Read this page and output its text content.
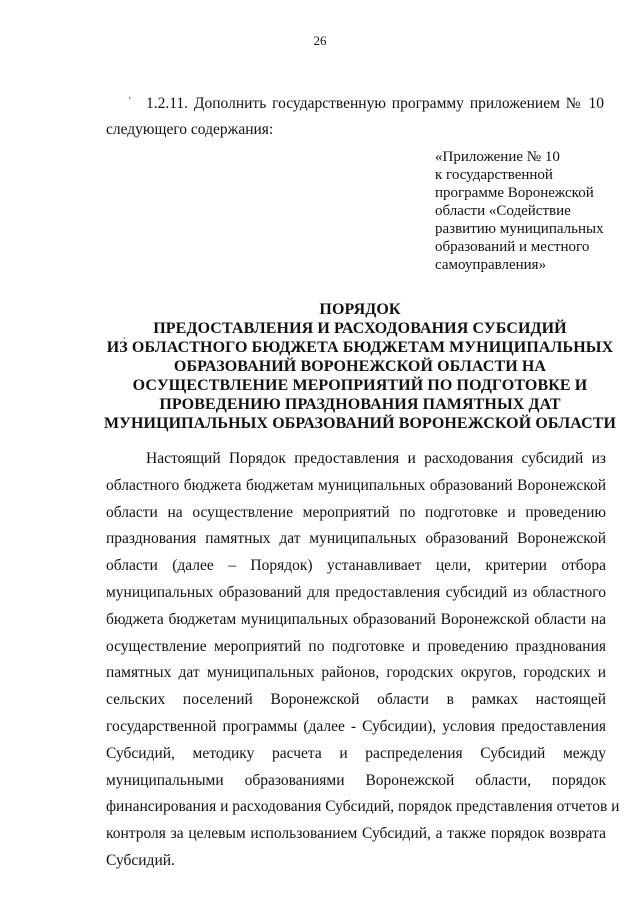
26
’
,
1.2.11. Дополнить государственную программу приложением № 10
следующего содержания:
«Приложение № 10
к государственной
программе Воронежской
области «Содействие
развитию муниципальных
образований и местного
самоуправления»
ПОРЯДОК
ПРЕДОСТАВЛЕНИЯ И РАСХОДОВАНИЯ СУБСИДИЙ
ИЗ ОБЛАСТНОГО БЮДЖЕТА БЮДЖЕТАМ МУНИЦИПАЛЬНЫХ
ОБРАЗОВАНИЙ ВОРОНЕЖСКОЙ ОБЛАСТИ НА
ОСУЩЕСТВЛЕНИЕ МЕРОПРИЯТИЙ ПО ПОДГОТОВКЕ И
ПРОВЕДЕНИЮ ПРАЗДНОВАНИЯ ПАМЯТНЫХ ДАТ
МУНИЦИПАЛЬНЫХ ОБРАЗОВАНИЙ ВОРОНЕЖСКОЙ ОБЛАСТИ
Настоящий Порядок предоставления и расходования субсидий из
областного бюджета бюджетам муниципальных образований Воронежской
области на осуществление мероприятий по подготовке и проведению
празднования памятных дат муниципальных образований Воронежской
области (далее – Порядок) устанавливает цели, критерии отбора
муниципальных образований для предоставления субсидий из областного
бюджета бюджетам муниципальных образований Воронежской области на
осуществление мероприятий по подготовке и проведению празднования
памятных дат муниципальных районов, городских округов, городских и
сельских поселений Воронежской области в рамках настоящей
государственной программы (далее - Субсидии), условия предоставления
Субсидий, методику расчета и распределения Субсидий между
муниципальными образованиями Воронежской области, порядок
финансирования и расходования Субсидий, порядок представления отчетов и
контроля за целевым использованием Субсидий, а также порядок возврата
Субсидий.
